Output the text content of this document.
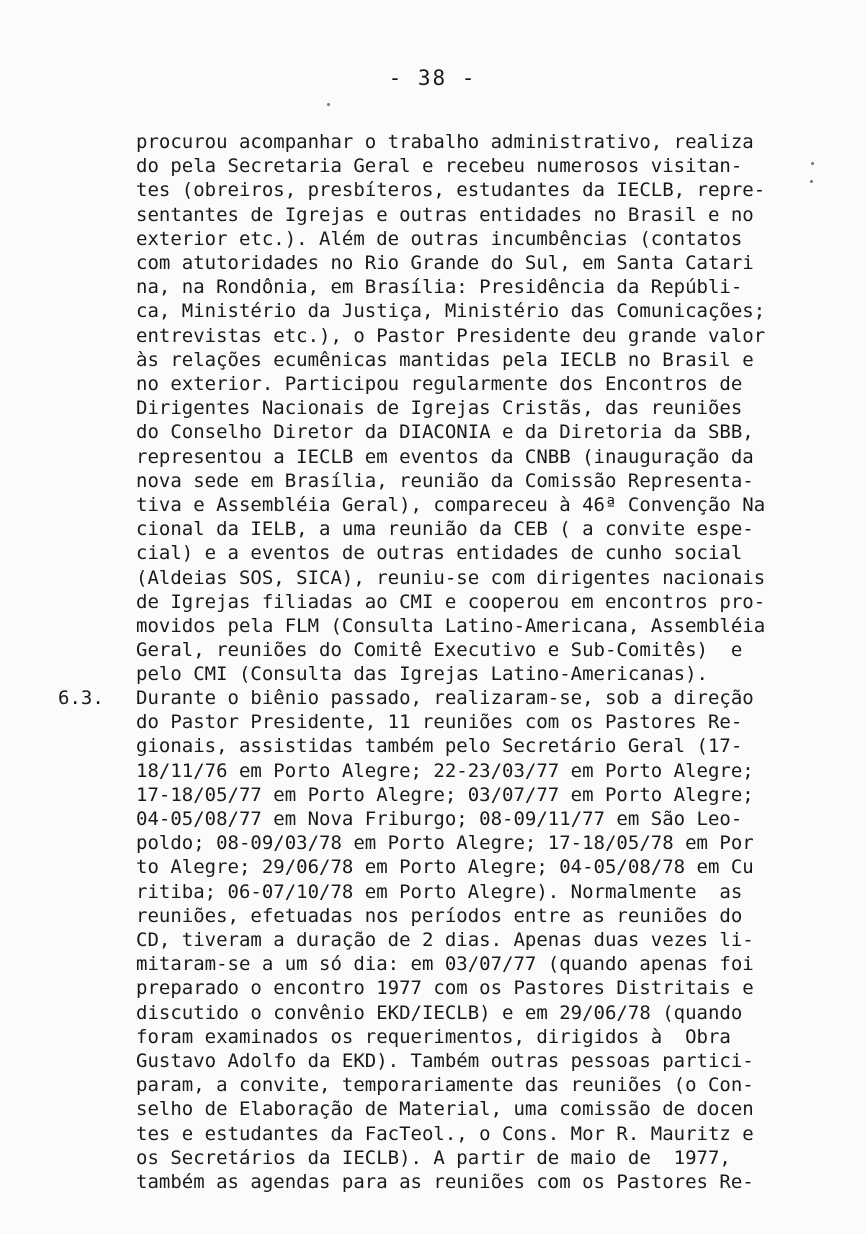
- 38 -
procurou acompanhar o trabalho administrativo, realiza
do pela Secretaria Geral e recebeu numerosos visitan-
tes (obreiros, presbíteros, estudantes da IECLB, repre-
sentantes de Igrejas e outras entidades no Brasil e no
exterior etc.). Além de outras incumbências (contatos
com atutoridades no Rio Grande do Sul, em Santa Catari
na, na Rondônia, em Brasília: Presidência da Repúbli-
ca, Ministério da Justiça, Ministério das Comunicações;
entrevistas etc.), o Pastor Presidente deu grande valor
às relações ecumênicas mantidas pela IECLB no Brasil e
no exterior. Participou regularmente dos Encontros de
Dirigentes Nacionais de Igrejas Cristãs, das reuniões
do Conselho Diretor da DIACONIA e da Diretoria da SBB,
representou a IECLB em eventos da CNBB (inauguração da
nova sede em Brasília, reunião da Comissão Representa-
tiva e Assembléia Geral), compareceu à 46ª Convenção Na
cional da IELB, a uma reunião da CEB ( a convite espe-
cial) e a eventos de outras entidades de cunho social
(Aldeias SOS, SICA), reuniu-se com dirigentes nacionais
de Igrejas filiadas ao CMI e cooperou em encontros pro-
movidos pela FLM (Consulta Latino-Americana, Assembléia
Geral, reuniões do Comitê Executivo e Sub-Comitês)  e
pelo CMI (Consulta das Igrejas Latino-Americanas).

6.3.

Durante o biênio passado, realizaram-se, sob a direção
do Pastor Presidente, 11 reuniões com os Pastores Re-
gionais, assistidas também pelo Secretário Geral (17-
18/11/76 em Porto Alegre; 22-23/03/77 em Porto Alegre;
17-18/05/77 em Porto Alegre; 03/07/77 em Porto Alegre;
04-05/08/77 em Nova Friburgo; 08-09/11/77 em São Leo-
poldo; 08-09/03/78 em Porto Alegre; 17-18/05/78 em Por
to Alegre; 29/06/78 em Porto Alegre; 04-05/08/78 em Cu
ritiba; 06-07/10/78 em Porto Alegre). Normalmente  as
reuniões, efetuadas nos períodos entre as reuniões do
CD, tiveram a duração de 2 dias. Apenas duas vezes li-
mitaram-se a um só dia: em 03/07/77 (quando apenas foi
preparado o encontro 1977 com os Pastores Distritais e
discutido o convênio EKD/IECLB) e em 29/06/78 (quando
foram examinados os requerimentos, dirigidos à  Obra
Gustavo Adolfo da EKD). Também outras pessoas partici-
param, a convite, temporariamente das reuniões (o Con-
selho de Elaboração de Material, uma comissão de docen
tes e estudantes da FacTeol., o Cons. Mor R. Mauritz e
os Secretários da IECLB). A partir de maio de  1977,
também as agendas para as reuniões com os Pastores Re-
